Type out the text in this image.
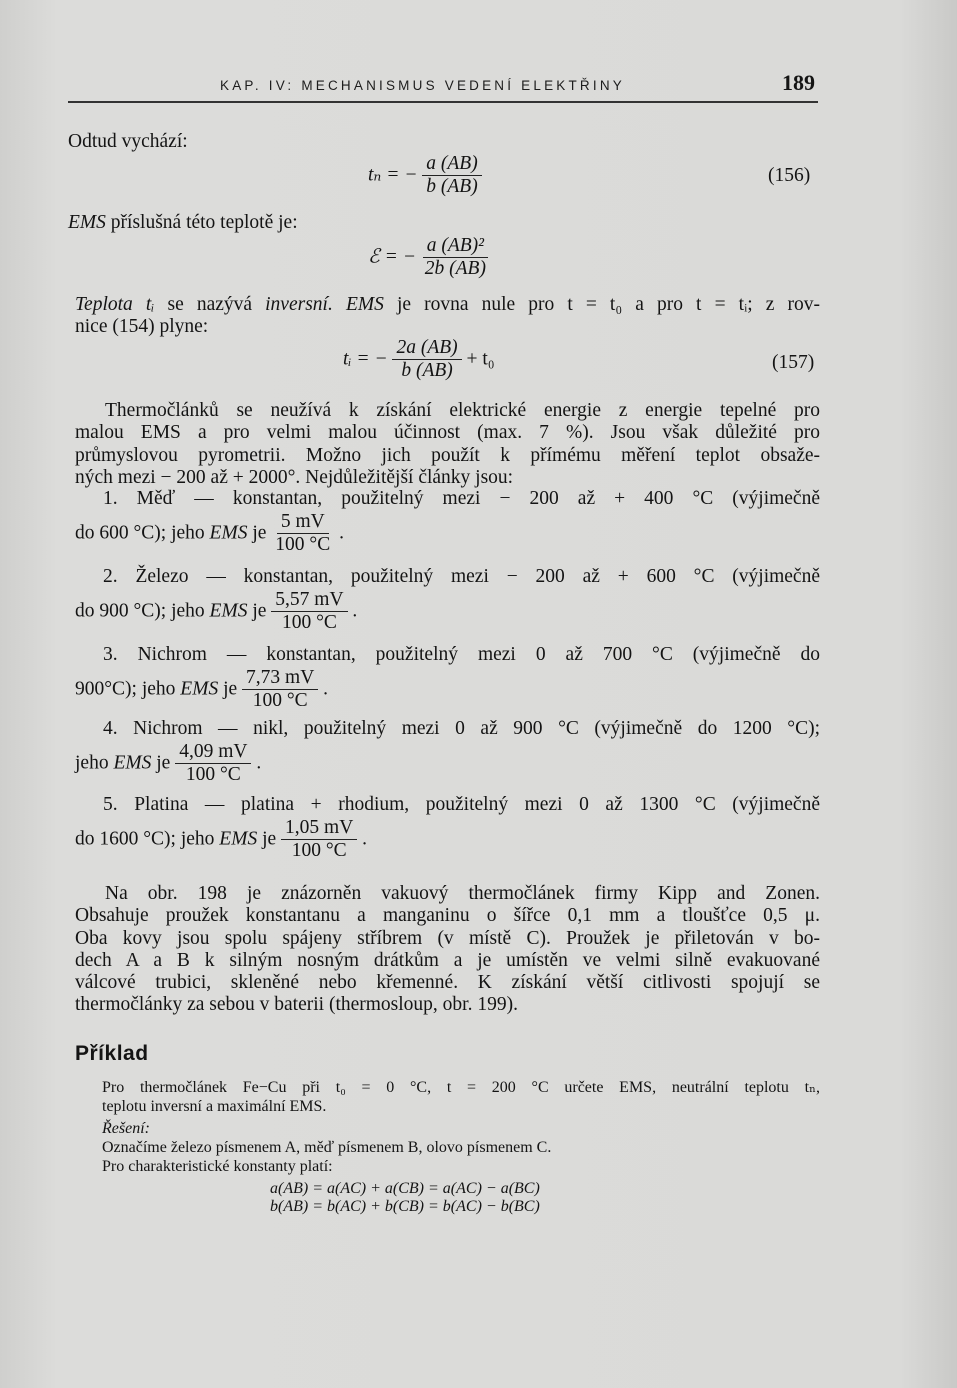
KAP. IV: MECHANISMUS VEDENÍ ELEKTŘINY	189
Odtud vychází:
tₙ = − $\frac{a (AB)}{b (AB)}$	(156)
EMS příslušná této teplotě je:
ℰ = − $\frac{\text{a (AB)²}}{2b (AB)}$
Teplota tᵢ se nazývá inversní. EMS je rovna nule pro t = t₀ a pro t = tᵢ; z rov-
nice (154) plyne:
tᵢ = − $\frac{2a (AB)}{b (AB)} + t_0$	(157)
Thermočlánků se neužívá k získání elektrické energie z energie tepelné pro
malou EMS a pro velmi malou účinnost (max. 7 %). Jsou však důležité pro
průmyslovou pyrometrii. Možno jich použít k přímému měření teplot obsaže-
ných mezi − 200 až + 2000°. Nejdůležitější články jsou:
1. Měď — konstantan, použitelný mezi − 200 až + 400 °C (výjimečně
do 600 °C); jeho EMS je $\frac{5 mV}{100 ^\circ C}$ .
2. Železo — konstantan, použitelný mezi − 200 až + 600 °C (výjimečně
do 900 °C); jeho EMS je $\frac{5,57 mV}{100 ^\circ C}$ .
3. Nichrom — konstantan, použitelný mezi 0 až 700 °C (výjimečně do
900°C); jeho EMS je $\frac{7,73 mV}{100 ^\circ C}$ .
4. Nichrom — nikl, použitelný mezi 0 až 900 °C (výjimečně do 1200 °C);
jeho EMS je $\frac{4,09 mV}{100 ^\circ C}$ .
5. Platina — platina + rhodium, použitelný mezi 0 až 1300 °C (výjimečně
do 1600 °C); jeho EMS je $\frac{1,05 mV}{100 ^\circ C}$ .
Na obr. 198 je znázorněn vakuový thermočlánek firmy Kipp and Zonen.
Obsahuje proužek konstantanu a manganinu o šířce 0,1 mm a tloušťce 0,5 μ.
Oba kovy jsou spolu spájeny stříbrem (v místě C). Proužek je přiletován v bo-
dech A a B k silným nosným drátkům a je umístěn ve velmi silně evakuované
válcové trubici, skleněné nebo křemenné. K získání větší citlivosti spojují se
thermočlánky za sebou v baterii (thermosloup, obr. 199).
Příklad
Pro thermočlánek Fe−Cu při t₀ = 0 °C, t = 200 °C určete EMS, neutrální teplotu tₙ,
teplotu inversní a maximální EMS.
Řešení:
Označíme železo písmenem A, měď písmenem B, olovo písmenem C.
Pro charakteristické konstanty platí:
a(AB) = a(AC) + a(CB) = a(AC) − a(BC)
b(AB) = b(AC) + b(CB) = b(AC) − b(BC)
